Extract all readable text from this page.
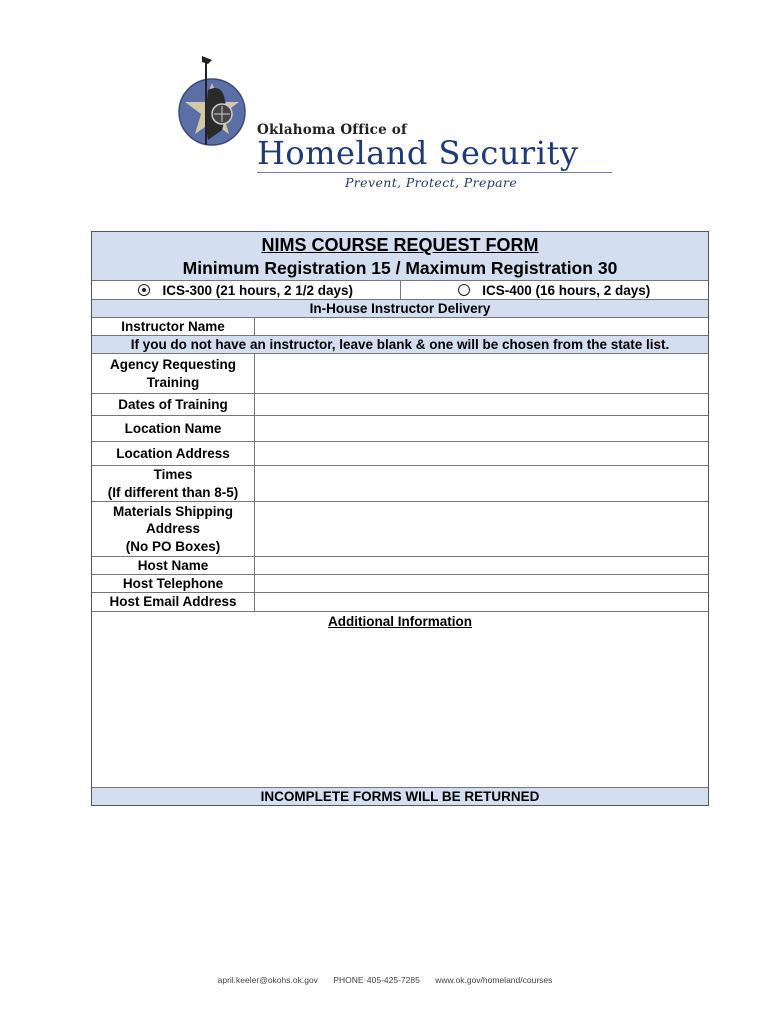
Oklahoma Office of
Homeland Security
Prevent, Protect, Prepare
NIMS COURSE REQUEST FORM
Minimum Registration 15 / Maximum Registration 30
ICS-300 (21 hours, 2 1/2 days)	ICS-400 (16 hours, 2 days)
In-House Instructor Delivery
Instructor Name
If you do not have an instructor, leave blank & one will be chosen from the state list.
Agency Requesting
Training
Dates of Training
Location Name
Location Address
Times
(If different than 8-5)
Materials Shipping
Address
(No PO Boxes)
Host Name
Host Telephone
Host Email Address
Additional Information
INCOMPLETE FORMS WILL BE RETURNED
april.keeler@okohs.ok.gov PHONE 405-425-7285 www.ok.gov/homeland/courses
